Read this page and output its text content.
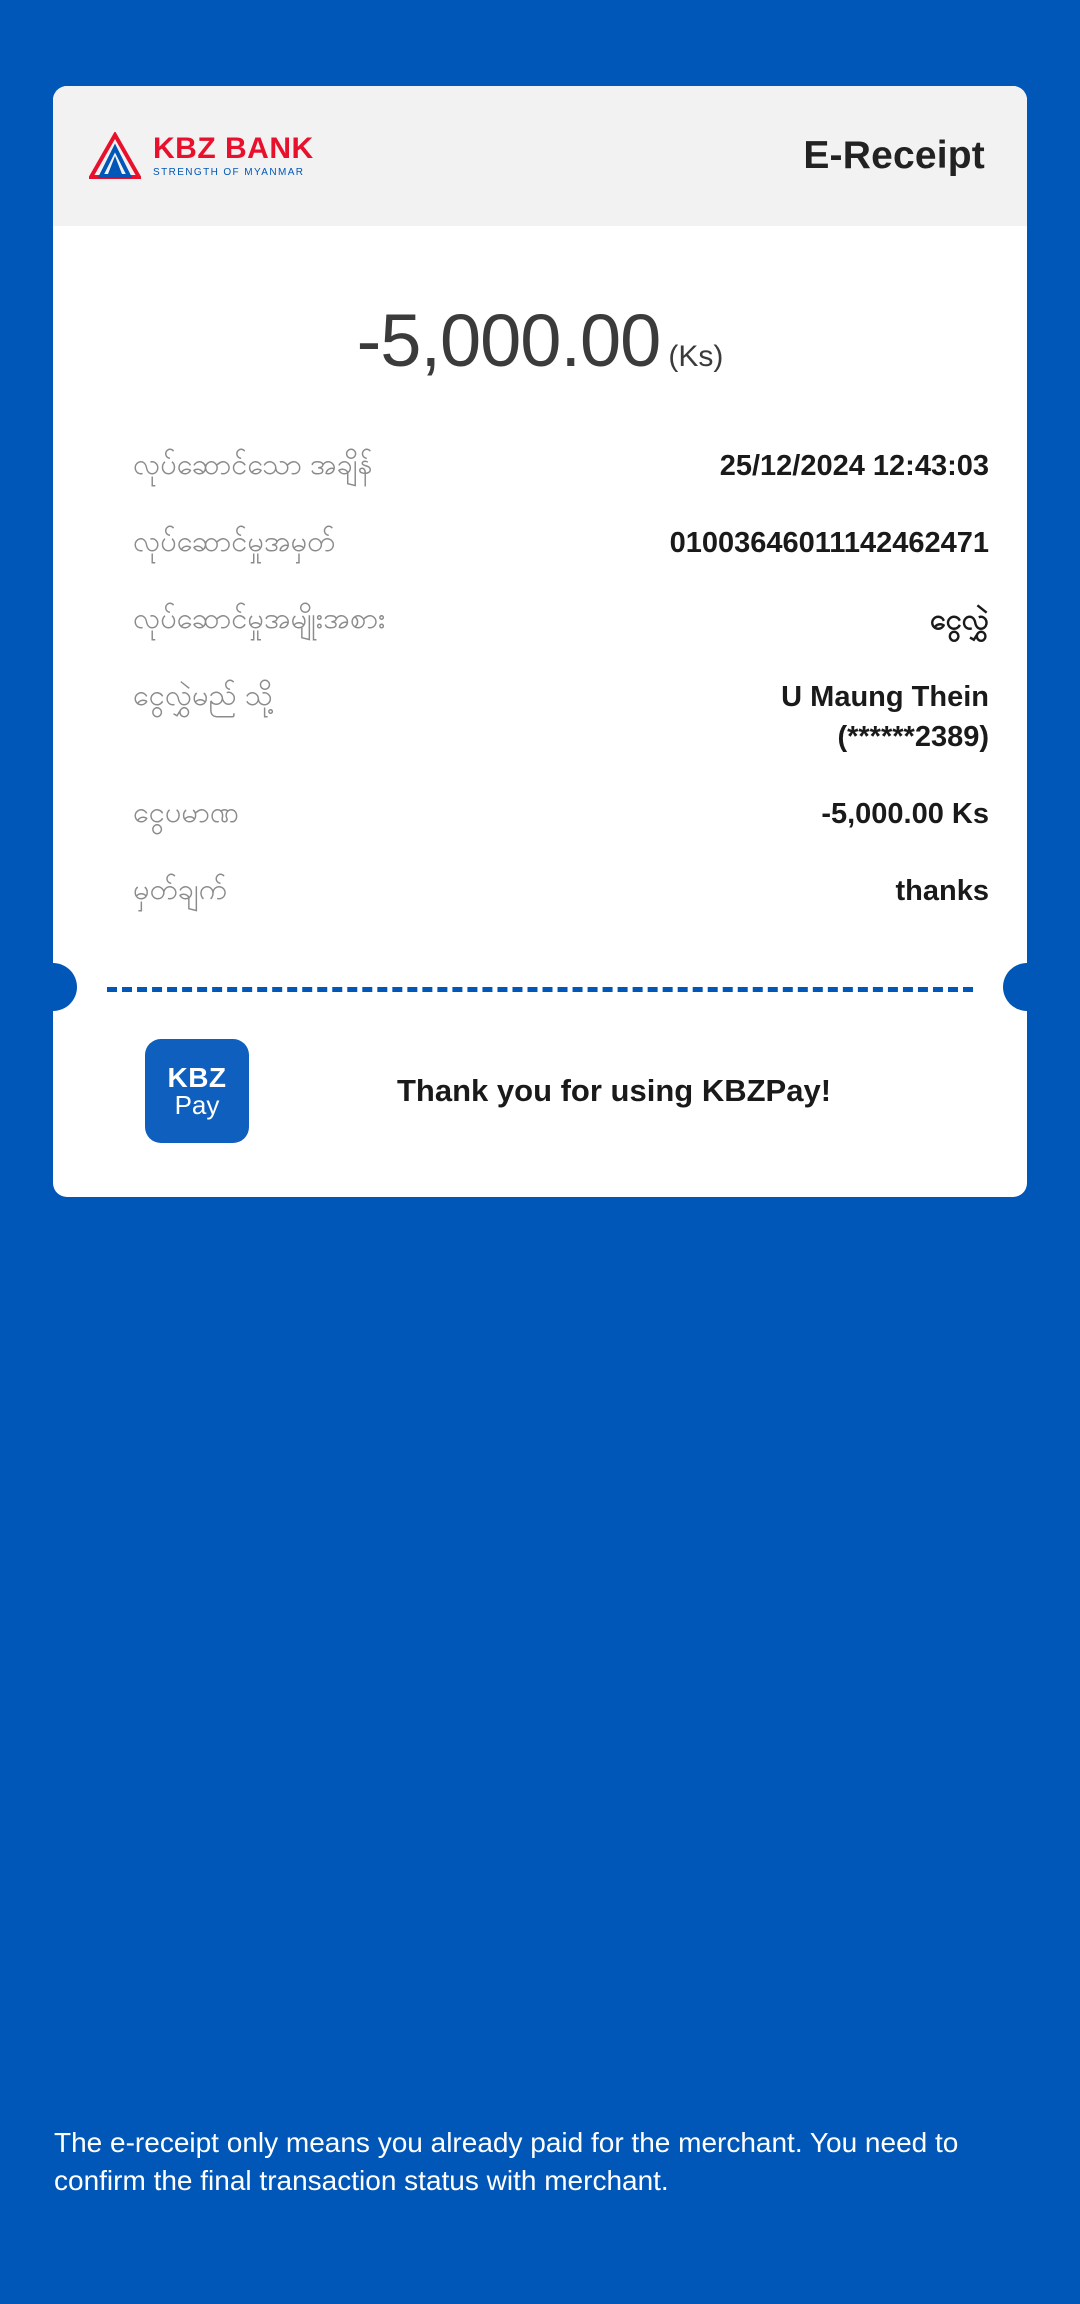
KBZ BANK
STRENGTH OF MYANMAR	E-Receipt
-5,000.00 (Ks)
လုပ်ဆောင်သော အချိန်	25/12/2024 12:43:03
လုပ်ဆောင်မှုအမှတ်	01003646011142462471
လုပ်ဆောင်မှုအမျိုးအစား	ငွေလွှဲ
ငွေလွှဲမည် သို့	U Maung Thein
(******2389)
ငွေပမာဏ	-5,000.00 Ks
မှတ်ချက်	thanks
KBZ
Pay	Thank you for using KBZPay!
The e-receipt only means you already paid for the merchant. You need to confirm the final transaction status with merchant.
